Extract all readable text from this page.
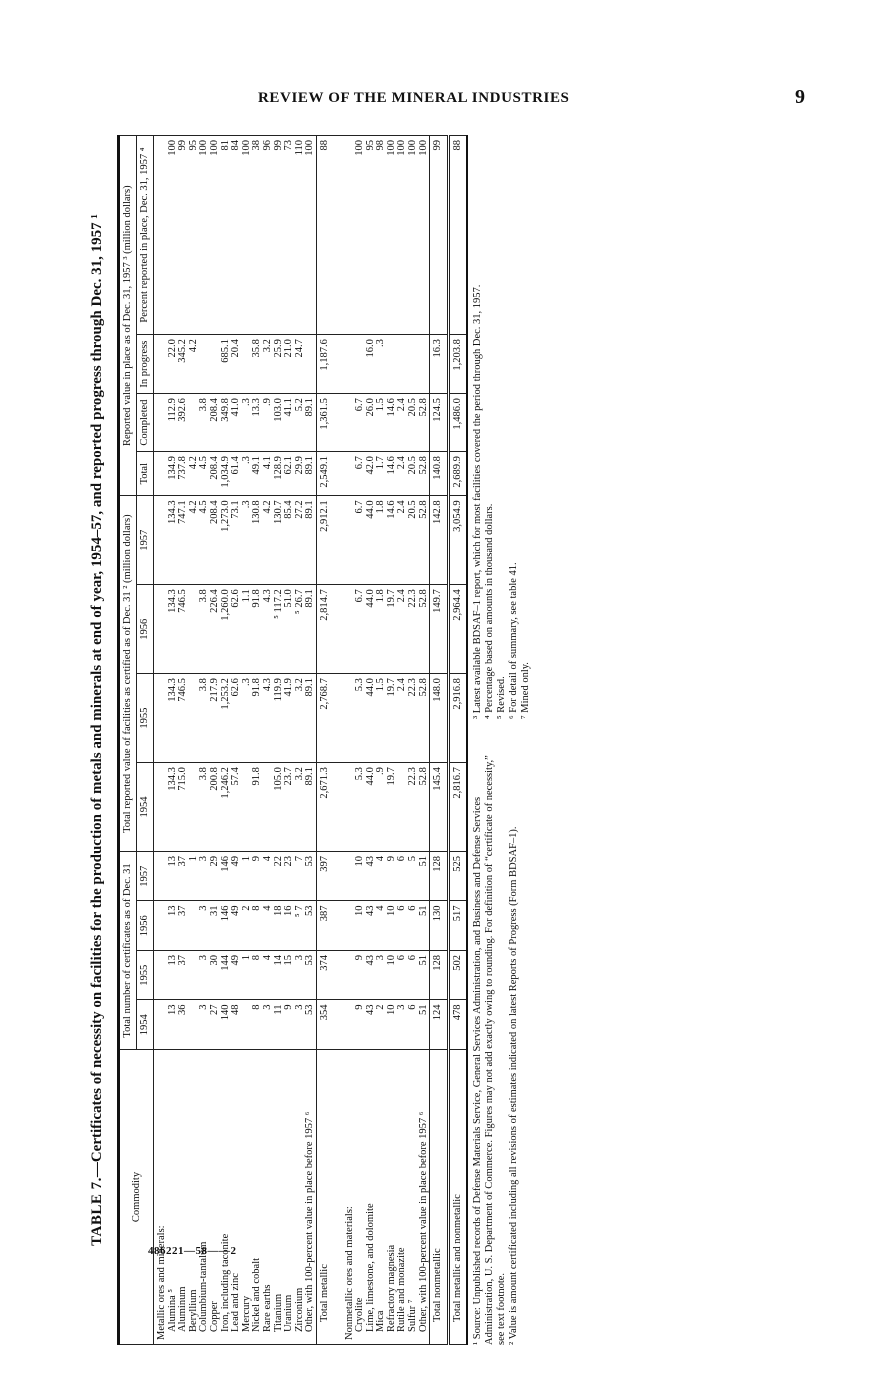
REVIEW OF THE MINERAL INDUSTRIES	9
TABLE 7.—Certificates of necessity on facilities for the production of metals and minerals at end of year, 1954–57, and reported progress through Dec. 31, 1957 ¹
Commodity	Total number of certificates as of Dec. 31				Total reported value of facilities as certified as of Dec. 31 ² (million dollars)				Reported value in place as of Dec. 31, 1957 ³ (million dollars)			
	1954	1955	1956	1957	1954	1955	1956	1957	Total	Completed	In progress	Percent reported in place, Dec. 31, 1957 ⁴
Metallic ores and minerals:												
Alumina ⁵	13	13	13	13	134.3	134.3	134.3	134.3	134.9	112.9	22.0	100
Aluminum	36	37	37	37	715.0	746.5	746.5	747.1	737.8	392.6	345.2	99
Beryllium				1				4.2	4.2		4.2	95
Columbium-tantalum	3	3	3	3	3.8	3.8	3.8	4.5	4.5	3.8		100
Copper	27	30	31	29	200.8	217.9	226.4	208.4	208.4	208.4		100
Iron, including taconite	140	144	146	146	1,246.2	1,253.2	1,260.0	1,273.0	1,034.9	349.8	685.1	81
Lead and zinc	48	49	49	49	57.4	62.6	62.6	73.1	61.4	41.0	20.4	84
Mercury		1	2	1		.3	1.1	.3	.3	.3		100
Nickel and cobalt	8	8	8	9	91.8	91.8	91.8	130.8	49.1	13.3	35.8	38
Rare earths	3	4	4	4		4.3	4.3	4.2	4.1	.9	3.2	96
Titanium	11	14	18	22	105.0	119.9	⁵ 117.2	130.7	128.9	103.0	25.9	99
Uranium	9	15	16	23	23.7	41.9	51.0	85.4	62.1	41.1	21.0	73
Zirconium	3	3	⁵ 7	7	3.2	3.2	⁵ 26.7	27.2	29.9	5.2	24.7	110
Other, with 100-percent value in place before 1957 ⁶	53	53	53	53	89.1	89.1	89.1	89.1	89.1	89.1		100
Total metallic	354	374	387	397	2,671.3	2,768.7	2,814.7	2,912.1	2,549.1	1,361.5	1,187.6	88

Nonmetallic ores and materials:												
Cryolite	9	9	10	10	5.3	5.3	6.7	6.7	6.7	6.7		100
Lime, limestone, and dolomite	43	43	43	43	44.0	44.0	44.0	44.0	42.0	26.0	16.0	95
Mica	2	3	4	4	.9	1.5	1.8	1.8	1.7	1.5	.3	98
Refractory magnesia	10	10	10	9	19.7	19.7	19.7	14.6	14.6	14.6		100
Rutile and monazite	3	6	6	6		2.4	2.4	2.4	2.4	2.4		100
Sulfur ⁷	6	6	6	5	22.3	22.3	22.3	20.5	20.5	20.5		100
Other, with 100-percent value in place before 1957 ⁶	51	51	51	51	52.8	52.8	52.8	52.8	52.8	52.8		100
Total nonmetallic	124	128	130	128	145.4	148.0	149.7	142.8	140.8	124.5	16.3	99
Total metallic and nonmetallic	478	502	517	525	2,816.7	2,916.8	2,964.4	3,054.9	2,689.9	1,486.0	1,203.8	88

¹ Source: Unpublished records of Defense Materials Service, General Services Administration, and Business and Defense Services Administration, U. S. Department of Commerce. Figures may not add exactly owing to rounding. For definition of “certificate of necessity,” see text footnote. ² Value is amount certificated including all revisions of estimates indicated on latest Reports of Progress (Form BDSAF–1).

³ Latest available BDSAF–1 report, which for most facilities covered the period through Dec. 31, 1957. ⁴ Percentage based on amounts in thousand dollars. ⁵ Revised. ⁶ For detail of summary, see table 41. ⁷ Mined only.

486221—58——2
